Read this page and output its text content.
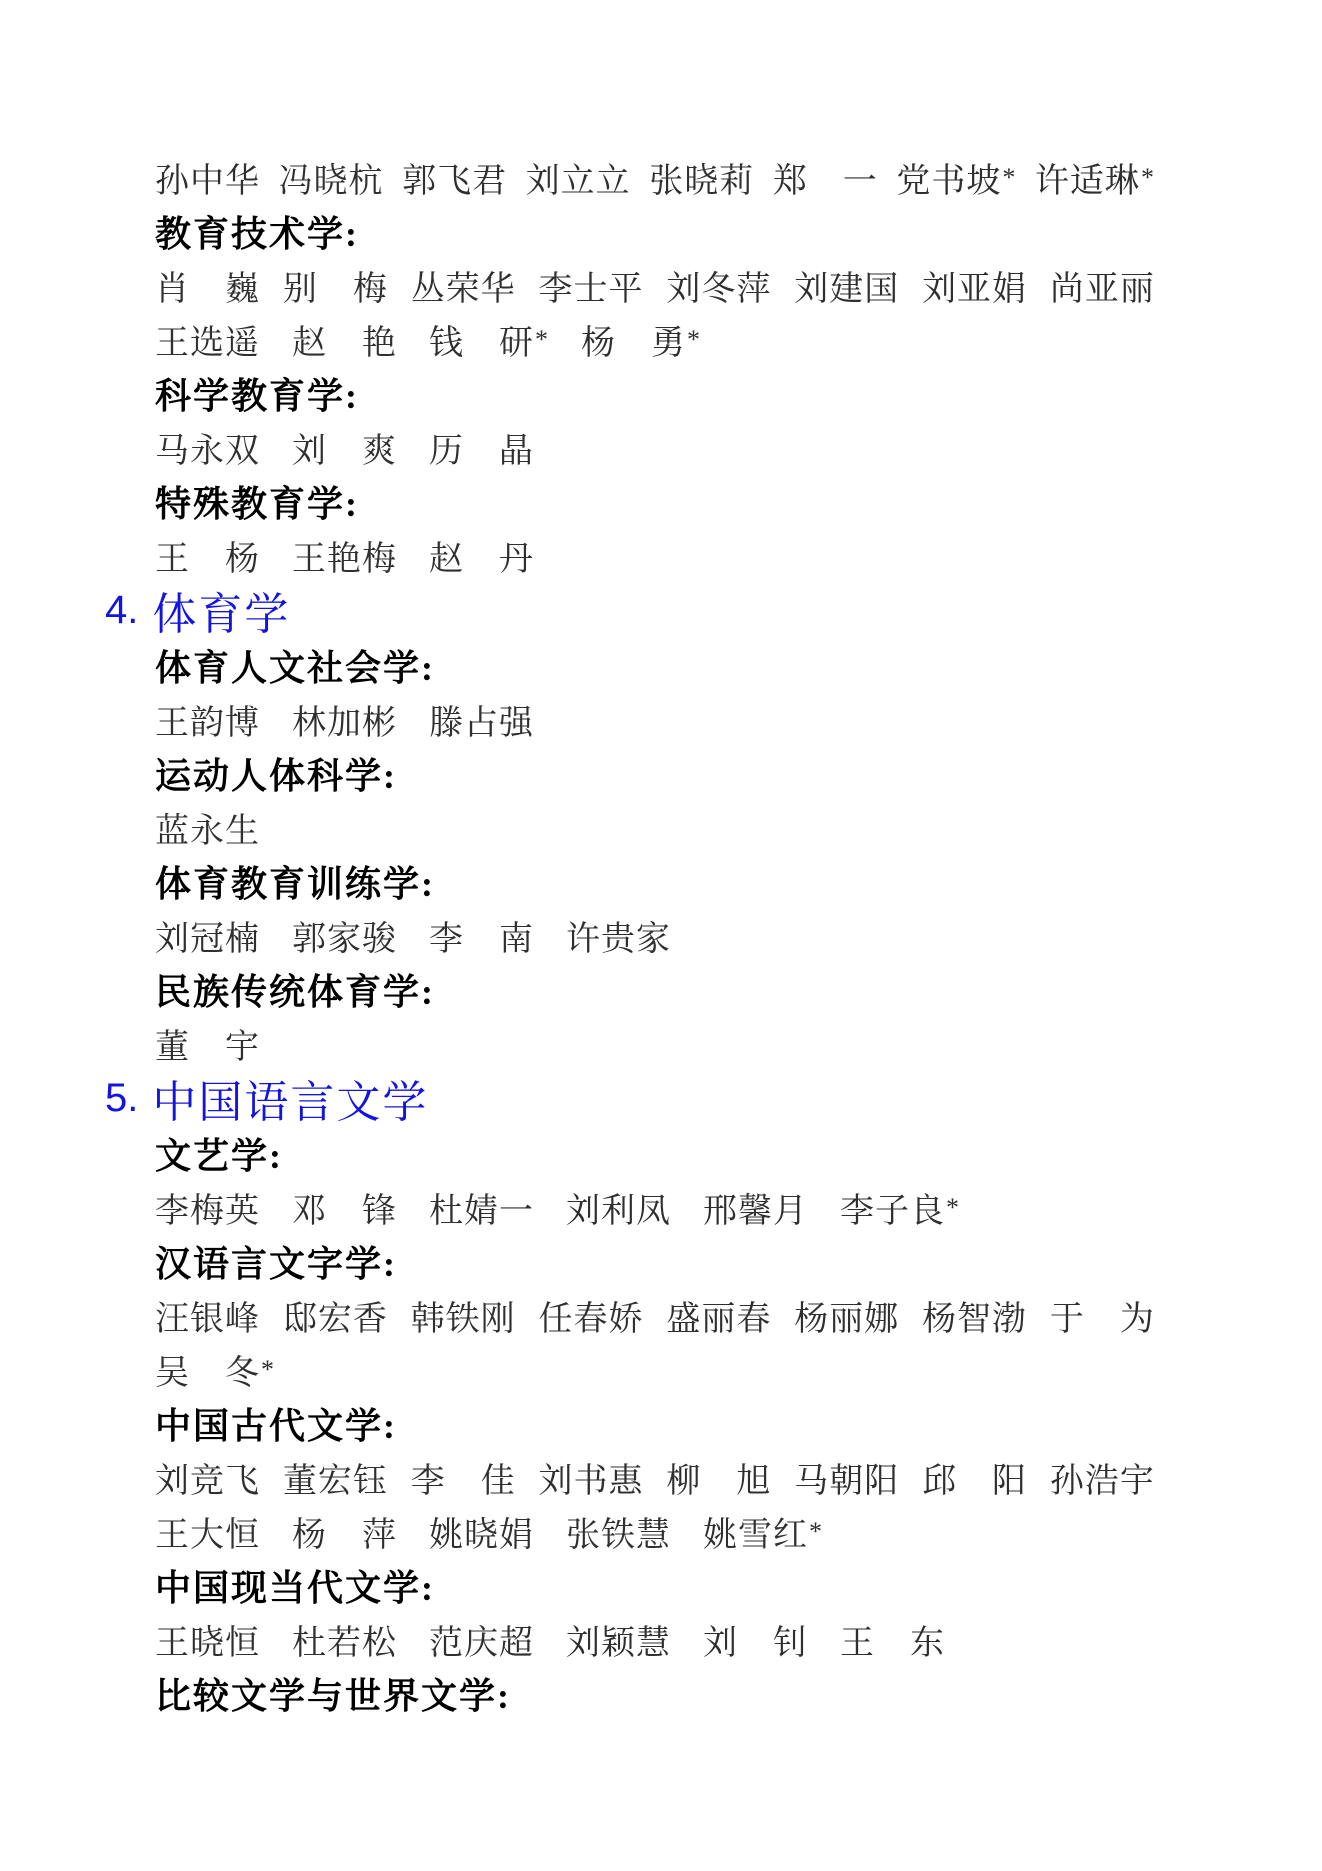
孙中华 冯晓杭 郭飞君 刘立立 张晓莉 郑　一 党书坡* 许适琳*
教育技术学:
肖　巍 别　梅 丛荣华 李士平 刘冬萍 刘建国 刘亚娟 尚亚丽
王选遥 赵　艳 钱　研* 杨　勇*
科学教育学:
马永双 刘　爽 历　晶
特殊教育学:
王　杨 王艳梅 赵　丹
4. 体育学
体育人文社会学:
王韵博 林加彬 滕占强
运动人体科学:
蓝永生
体育教育训练学:
刘冠楠 郭家骏 李　南 许贵家
民族传统体育学:
董　宇
5. 中国语言文学
文艺学:
李梅英 邓　锋 杜婧一 刘利凤 邢馨月 李子良*
汉语言文字学:
汪银峰 邸宏香 韩铁刚 任春娇 盛丽春 杨丽娜 杨智渤 于　为
吴　冬*
中国古代文学:
刘竞飞 董宏钰 李　佳 刘书惠 柳　旭 马朝阳 邱　阳 孙浩宇
王大恒 杨　萍 姚晓娟 张铁慧 姚雪红*
中国现当代文学:
王晓恒 杜若松 范庆超 刘颖慧 刘　钊 王　东
比较文学与世界文学:
